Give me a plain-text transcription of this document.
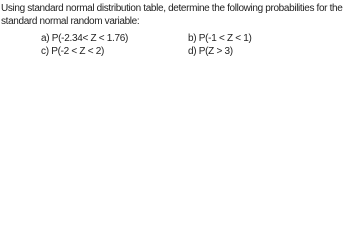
Using standard normal distribution table, determine the following probabilities for the standard normal random variable:

a) P(-2.34< Z < 1.76)	b) P(-1 < Z < 1)

c) P(-2 < Z < 2)	d) P(Z > 3)
